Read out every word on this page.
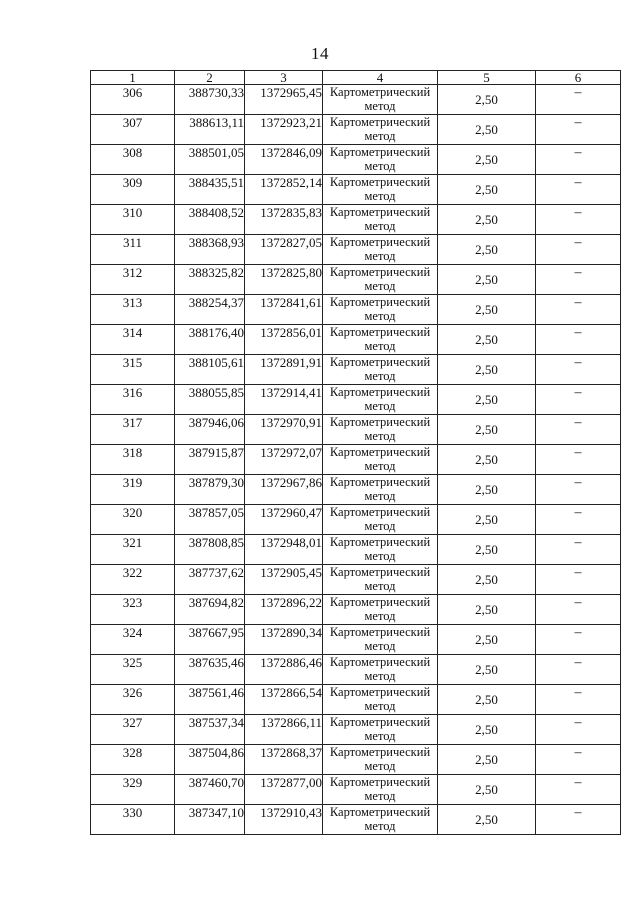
14
1	2	3	4	5	6
306	388730,33	1372965,45	Картометрический
метод	2,50	–
307	388613,11	1372923,21	Картометрический
метод	2,50	–
308	388501,05	1372846,09	Картометрический
метод	2,50	–
309	388435,51	1372852,14	Картометрический
метод	2,50	–
310	388408,52	1372835,83	Картометрический
метод	2,50	–
311	388368,93	1372827,05	Картометрический
метод	2,50	–
312	388325,82	1372825,80	Картометрический
метод	2,50	–
313	388254,37	1372841,61	Картометрический
метод	2,50	–
314	388176,40	1372856,01	Картометрический
метод	2,50	–
315	388105,61	1372891,91	Картометрический
метод	2,50	–
316	388055,85	1372914,41	Картометрический
метод	2,50	–
317	387946,06	1372970,91	Картометрический
метод	2,50	–
318	387915,87	1372972,07	Картометрический
метод	2,50	–
319	387879,30	1372967,86	Картометрический
метод	2,50	–
320	387857,05	1372960,47	Картометрический
метод	2,50	–
321	387808,85	1372948,01	Картометрический
метод	2,50	–
322	387737,62	1372905,45	Картометрический
метод	2,50	–
323	387694,82	1372896,22	Картометрический
метод	2,50	–
324	387667,95	1372890,34	Картометрический
метод	2,50	–
325	387635,46	1372886,46	Картометрический
метод	2,50	–
326	387561,46	1372866,54	Картометрический
метод	2,50	–
327	387537,34	1372866,11	Картометрический
метод	2,50	–
328	387504,86	1372868,37	Картометрический
метод	2,50	–
329	387460,70	1372877,00	Картометрический
метод	2,50	–
330	387347,10	1372910,43	Картометрический
метод	2,50	–
